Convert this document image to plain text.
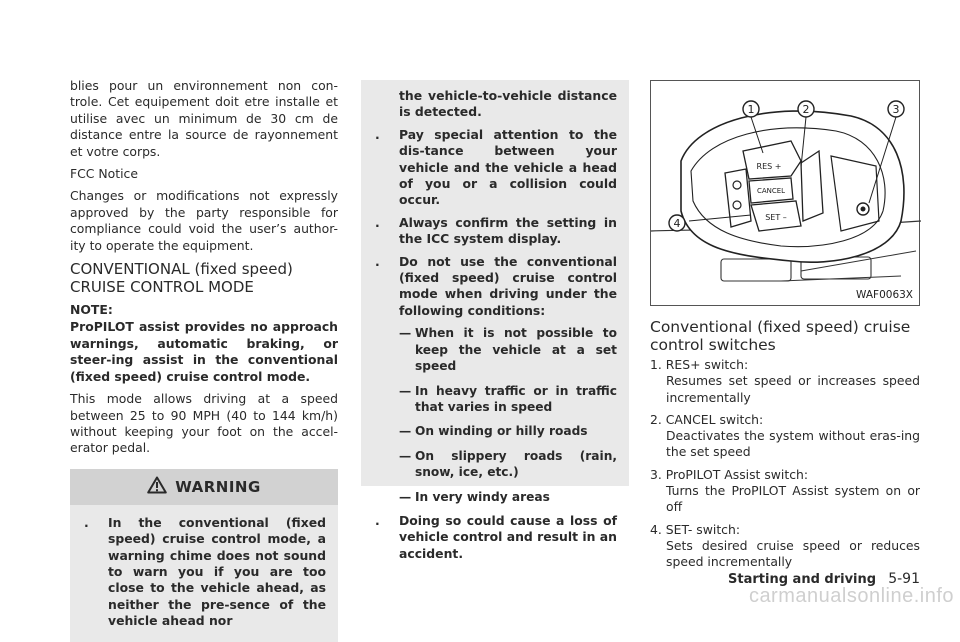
blies pour un environnement non con-trole. Cet equipement doit etre installe et utilise avec un minimum de 30 cm de distance entre la source de rayonnement et votre corps.

FCC Notice

Changes or modifications not expressly approved by the party responsible for compliance could void the user’s author-ity to operate the equipment.

CONVENTIONAL (fixed speed)
CRUISE CONTROL MODE

NOTE:

ProPILOT assist provides no approach warnings, automatic braking, or steer-ing assist in the conventional (fixed speed) cruise control mode.

This mode allows driving at a speed between 25 to 90 MPH (40 to 144 km/h) without keeping your foot on the accel-erator pedal.

WARNING
. In the conventional (fixed speed) cruise control mode, a warning chime does not sound to warn you if you are too close to the vehicle ahead, as neither the pre-sence of the vehicle ahead nor
the vehicle-to-vehicle distance is detected.
. Pay special attention to the dis-tance between your vehicle and the vehicle a head of you or a collision could occur.
. Always confirm the setting in the ICC system display.
. Do not use the conventional (fixed speed) cruise control mode when driving under the following conditions:
— When it is not possible to keep the vehicle at a set speed
— In heavy traffic or in traffic that varies in speed
— On winding or hilly roads
— On slippery roads (rain, snow, ice, etc.)
— In very windy areas
. Doing so could cause a loss of vehicle control and result in an accident.
RES +
CANCEL
SET –
1	2	3
4
WAF0063X
Conventional (fixed speed) cruise
control switches
1. RES+ switch:
Resumes set speed or increases speed incrementally
2. CANCEL switch:
Deactivates the system without eras-ing the set speed
3. ProPILOT Assist switch:
Turns the ProPILOT Assist system on or off
4. SET- switch:
Sets desired cruise speed or reduces speed incrementally
Starting and driving 5-91
carmanualsonline.info
